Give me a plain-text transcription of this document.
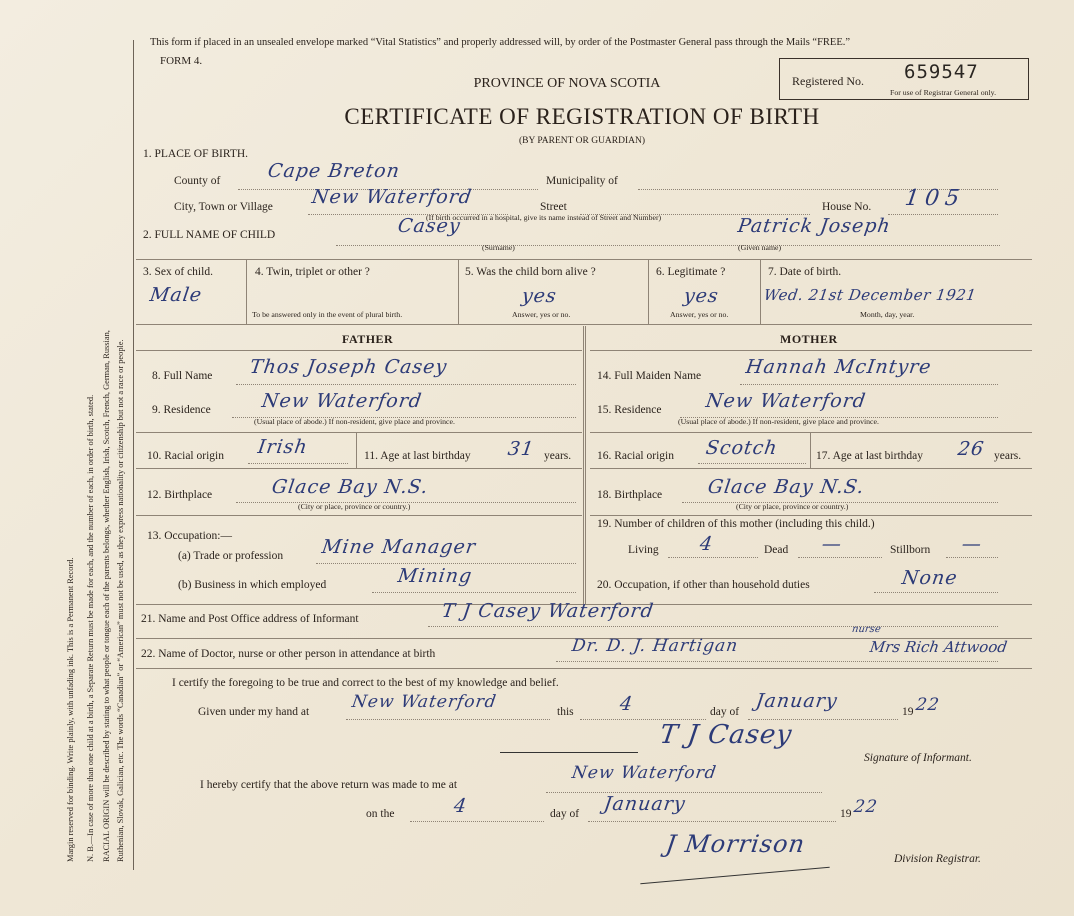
Margin reserved for binding. Write plainly, with unfading ink. This is a Permanent Record. N. B.—In case of more than one child at a birth, a Separate Return must be made for each, and the number of each, in order of birth, stated. RACIAL ORIGIN will be described by stating to what people or tongue each of the parents belongs, whether English, Irish, Scotch, French, German, Russian, Ruthenian, Slovak, Galician, etc. The words “Canadian” or “American” must not be used, as they express nationality or citizenship but not a race or people.
This form if placed in an unsealed envelope marked “Vital Statistics” and properly addressed will, by order of the Postmaster General pass through the Mails “FREE.”
FORM 4.
PROVINCE OF NOVA SCOTIA
CERTIFICATE OF REGISTRATION OF BIRTH
(BY PARENT OR GUARDIAN)
Registered No. 659547
For use of Registrar General only.
1. PLACE OF BIRTH.
County of Cape Breton	Municipality of
City, Town or Village New Waterford	Street	House No. 105
(If birth occurred in a hospital, give its name instead of Street and Number)
2. FULL NAME OF CHILD	Casey
(Surname)
Patrick Joseph
(Given name)
3. Sex of child.
Male
4. Twin, triplet or other ?
To be answered only in the event of plural birth.
5. Was the child born alive ?
yes
Answer, yes or no.
6. Legitimate ?
yes
Answer, yes or no.
7. Date of birth.
Wed. 21st December 1921
Month, day, year.
FATHER	MOTHER
8. Full Name Thos Joseph Casey
9. Residence	New Waterford
(Usual place of abode.) If non-resident, give place and province.
10. Racial origin Irish	11. Age at last birthday 31 years.
12. Birthplace	Glace Bay N.S.
(City or place, province or country.)
13. Occupation:—
(a) Trade or profession Mine Manager
(b) Business in which employed	Mining
14. Full Maiden Name Hannah McIntyre
15. Residence New Waterford
(Usual place of abode.) If non-resident, give place and province.
16. Racial origin Scotch	17. Age at last birthday 26 years.
18. Birthplace Glace Bay N.S.
(City or place, province or country.)
19. Number of children of this mother (including this child.)
Living 4	Dead —	Stillborn —
20. Occupation, if other than household duties	None
21. Name and Post Office address of Informant	T J Casey Waterford
22. Name of Doctor, nurse or other person in attendance at birth	Dr. D. J. Hartigan
nurse
Mrs Rich Attwood
I certify the foregoing to be true and correct to the best of my knowledge and belief.
Given under my hand at New Waterford	this 4	day of January	19 22
T J Casey
Signature of Informant.
I hereby certify that the above return was made to me at
New Waterford
on the	4	day of January	19 22
J Morrison
Division Registrar.
